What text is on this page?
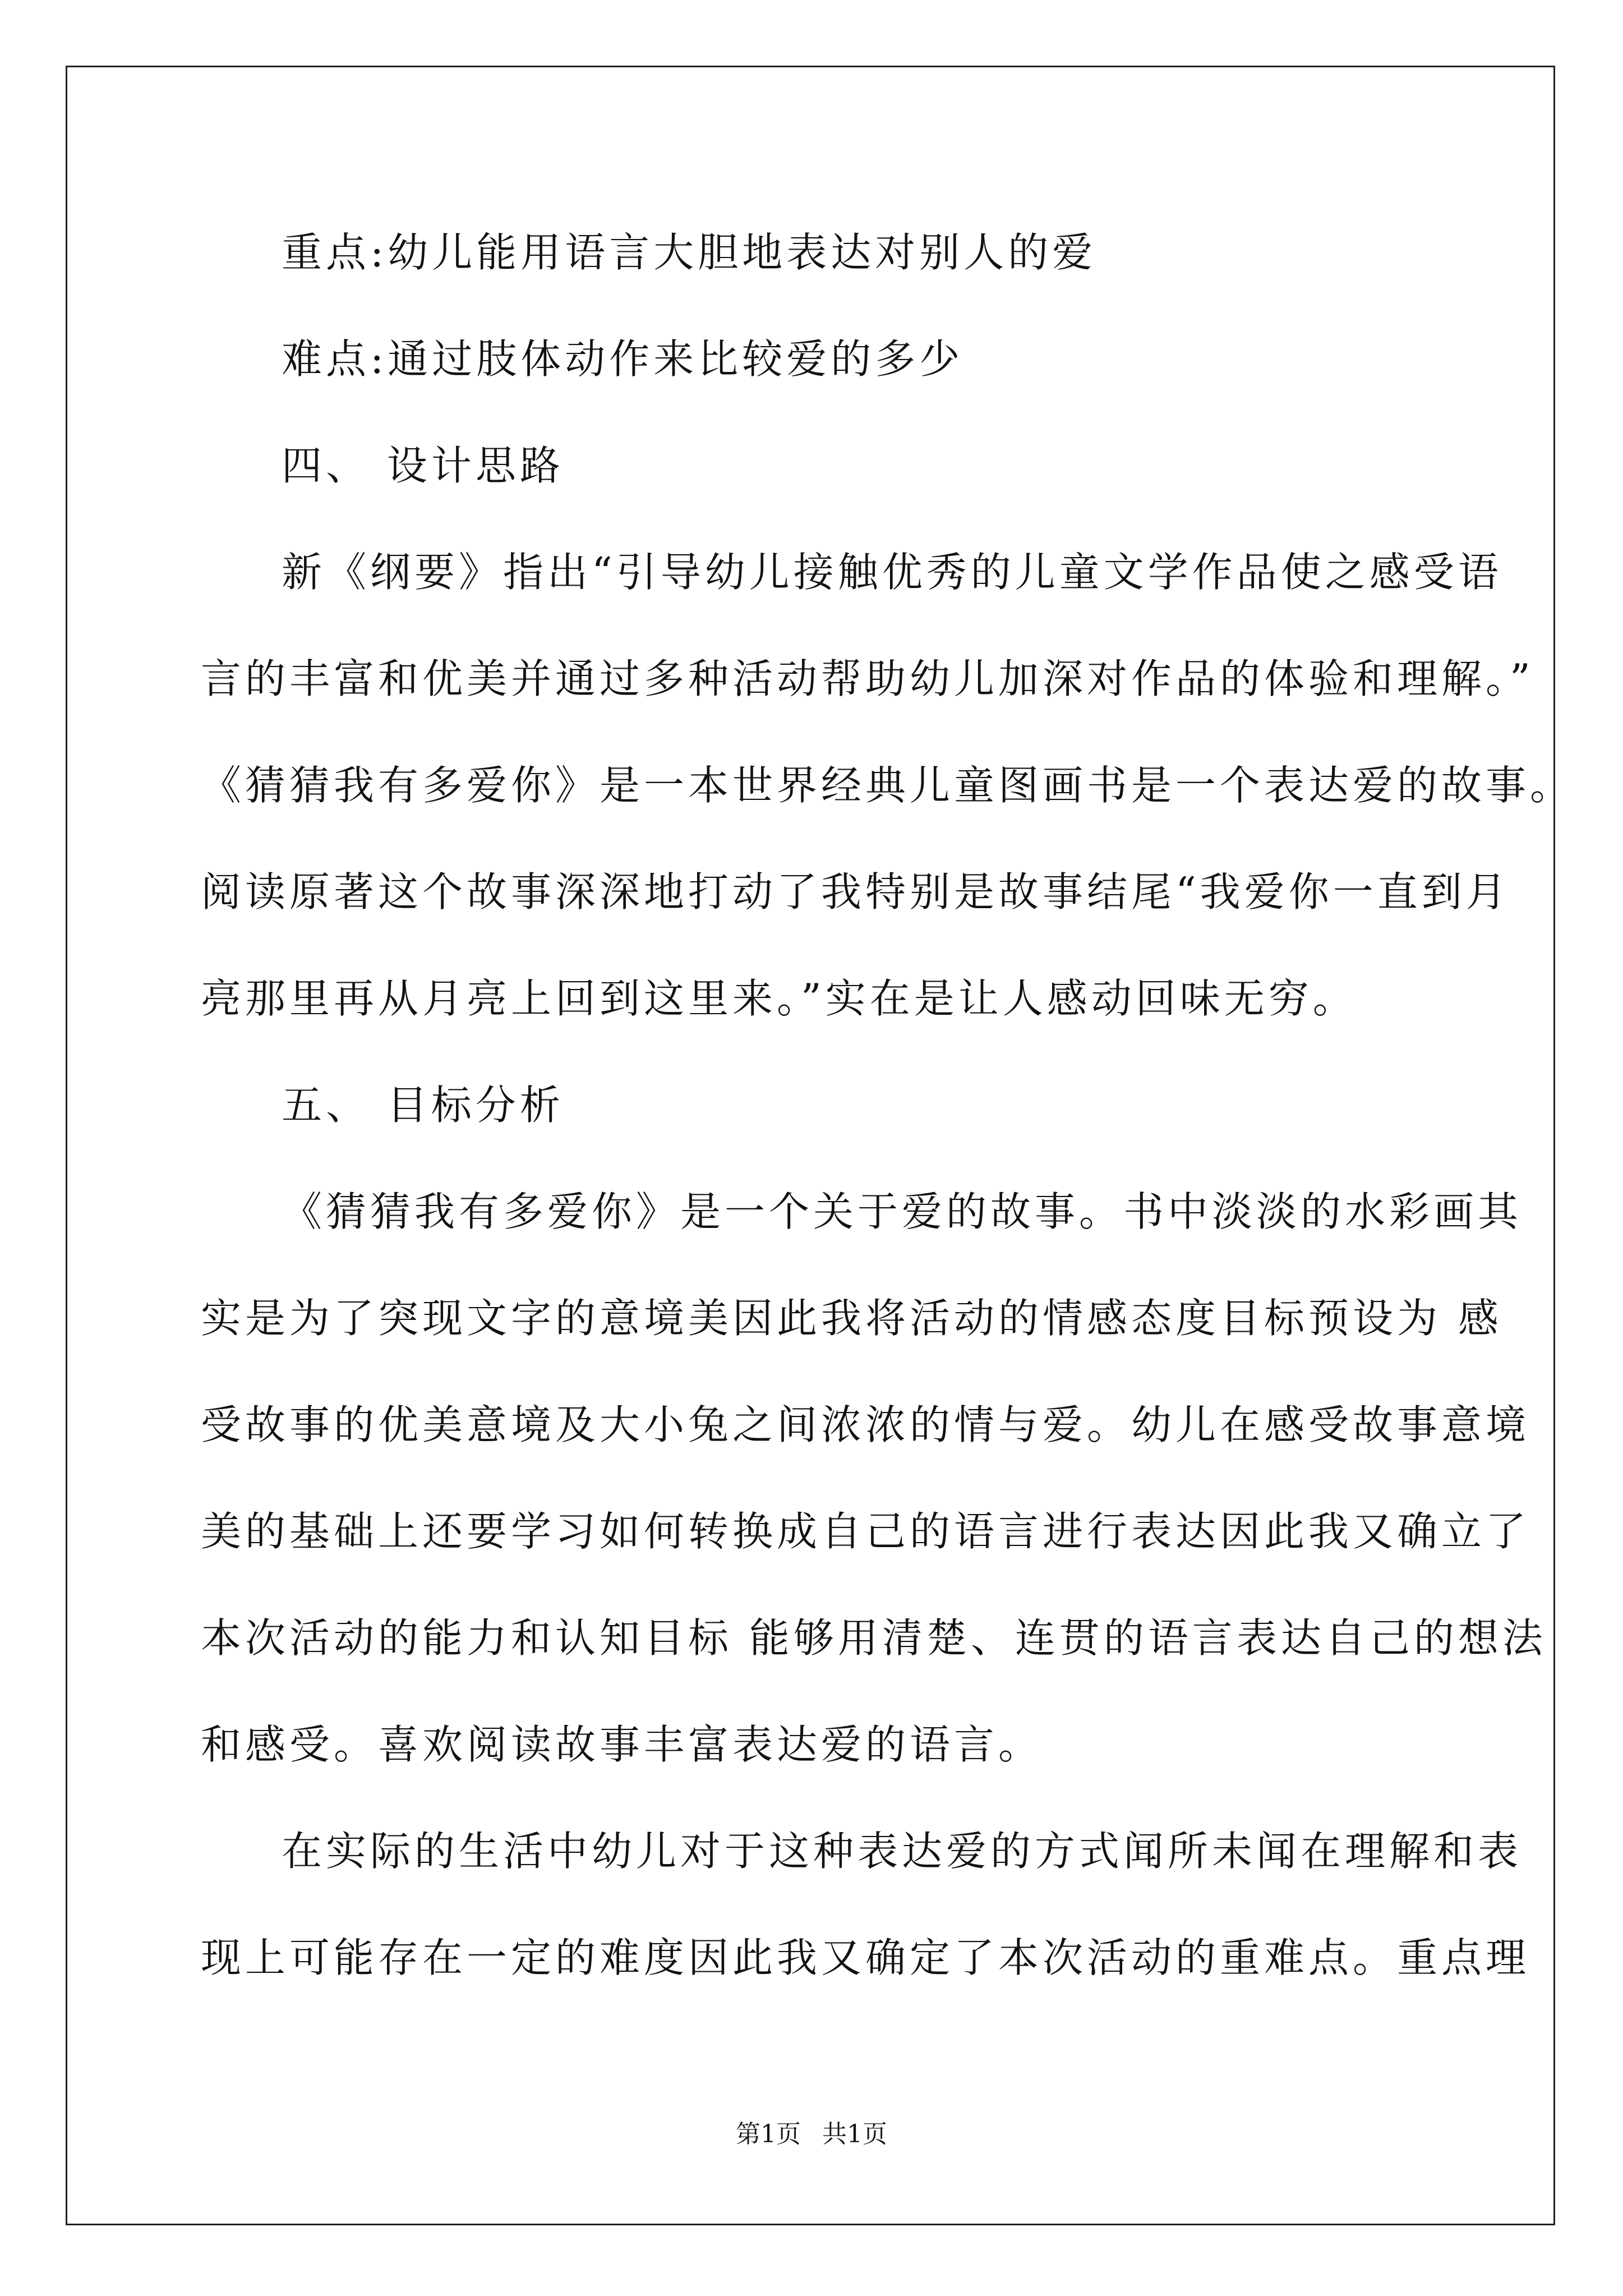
重点:幼儿能用语言大胆地表达对别人的爱
难点:通过肢体动作来比较爱的多少
四、 设计思路
新《纲要》指出“引导幼儿接触优秀的儿童文学作品使之感受语
言的丰富和优美并通过多种活动帮助幼儿加深对作品的体验和理解。”
《猜猜我有多爱你》是一本世界经典儿童图画书是一个表达爱的故事。
阅读原著这个故事深深地打动了我特别是故事结尾“我爱你一直到月
亮那里再从月亮上回到这里来。”实在是让人感动回味无穷。
五、 目标分析
《猜猜我有多爱你》是一个关于爱的故事。书中淡淡的水彩画其
实是为了突现文字的意境美因此我将活动的情感态度目标预设为 感
受故事的优美意境及大小兔之间浓浓的情与爱。幼儿在感受故事意境
美的基础上还要学习如何转换成自己的语言进行表达因此我又确立了
本次活动的能力和认知目标 能够用清楚、连贯的语言表达自己的想法
和感受。喜欢阅读故事丰富表达爱的语言。
在实际的生活中幼儿对于这种表达爱的方式闻所未闻在理解和表
现上可能存在一定的难度因此我又确定了本次活动的重难点。重点理
第1页 共1页
